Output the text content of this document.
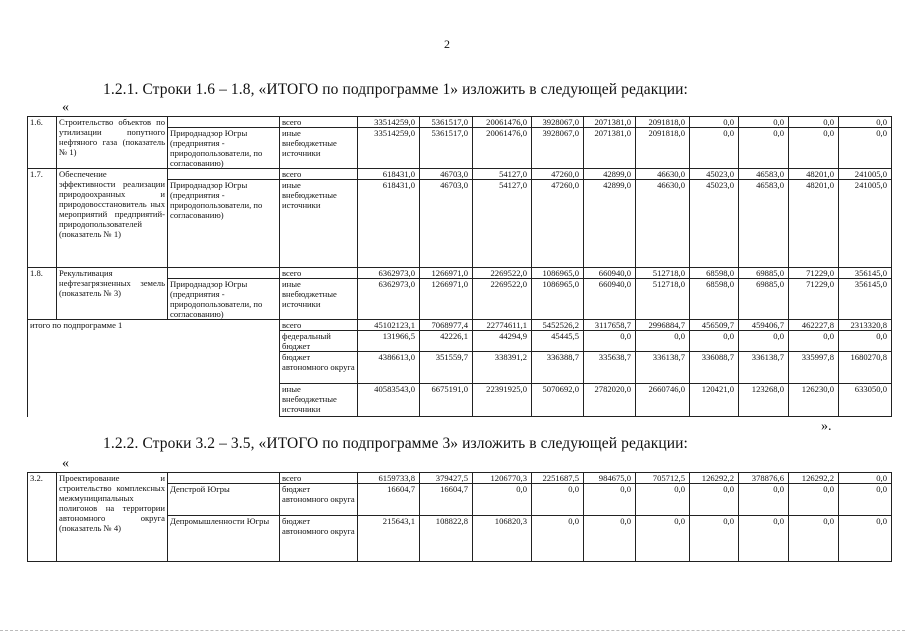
2
1.2.1. Строки 1.6 – 1.8, «ИТОГО по подпрограмме 1» изложить в следующей редакции:
«
1.6.	Строительство объектов по утилизации попутного нефтяного газа (показатель № 1)		всего	33514259,0	5361517,0	20061476,0	3928067,0	2071381,0	2091818,0	0,0	0,0	0,0	0,0
		Природнадзор Югры (предприятия - природопользователи, по согласованию)	иные внебюджетные источники	33514259,0	5361517,0	20061476,0	3928067,0	2071381,0	2091818,0	0,0	0,0	0,0	0,0
1.7.	Обеспечение эффективности реализации природоохранных и природовосстановитель ных мероприятий предприятий-природопользователей (показатель № 1)		всего	618431,0	46703,0	54127,0	47260,0	42899,0	46630,0	45023,0	46583,0	48201,0	241005,0
		Природнадзор Югры (предприятия - природопользователи, по согласованию)	иные внебюджетные источники	618431,0	46703,0	54127,0	47260,0	42899,0	46630,0	45023,0	46583,0	48201,0	241005,0
1.8.	Рекультивация нефтезагрязненных земель (показатель № 3)		всего	6362973,0	1266971,0	2269522,0	1086965,0	660940,0	512718,0	68598,0	69885,0	71229,0	356145,0
		Природнадзор Югры (предприятия - природопользователи, по согласованию)	иные внебюджетные источники	6362973,0	1266971,0	2269522,0	1086965,0	660940,0	512718,0	68598,0	69885,0	71229,0	356145,0
итого по подпрограмме 1			всего	45102123,1	7068977,4	22774611,1	5452526,2	3117658,7	2996884,7	456509,7	459406,7	462227,8	2313320,8
			федеральный бюджет	131966,5	42226,1	44294,9	45445,5	0,0	0,0	0,0	0,0	0,0	0,0
			бюджет автономного округа	4386613,0	351559,7	338391,2	336388,7	335638,7	336138,7	336088,7	336138,7	335997,8	1680270,8
			иные внебюджетные источники	40583543,0	6675191,0	22391925,0	5070692,0	2782020,0	2660746,0	120421,0	123268,0	126230,0	633050,0
».
1.2.2. Строки 3.2 – 3.5, «ИТОГО по подпрограмме 3» изложить в следующей редакции:
«
3.2.	Проектирование и строительство комплексных межмуниципальных полигонов на территории автономного округа (показатель № 4)		всего	6159733,8	379427,5	1206770,3	2251687,5	984675,0	705712,5	126292,2	378876,6	126292,2	0,0
		Депстрой Югры	бюджет автономного округа	16604,7	16604,7	0,0	0,0	0,0	0,0	0,0	0,0	0,0	0,0
		Депромышленности Югры	бюджет автономного округа	215643,1	108822,8	106820,3	0,0	0,0	0,0	0,0	0,0	0,0	0,0
